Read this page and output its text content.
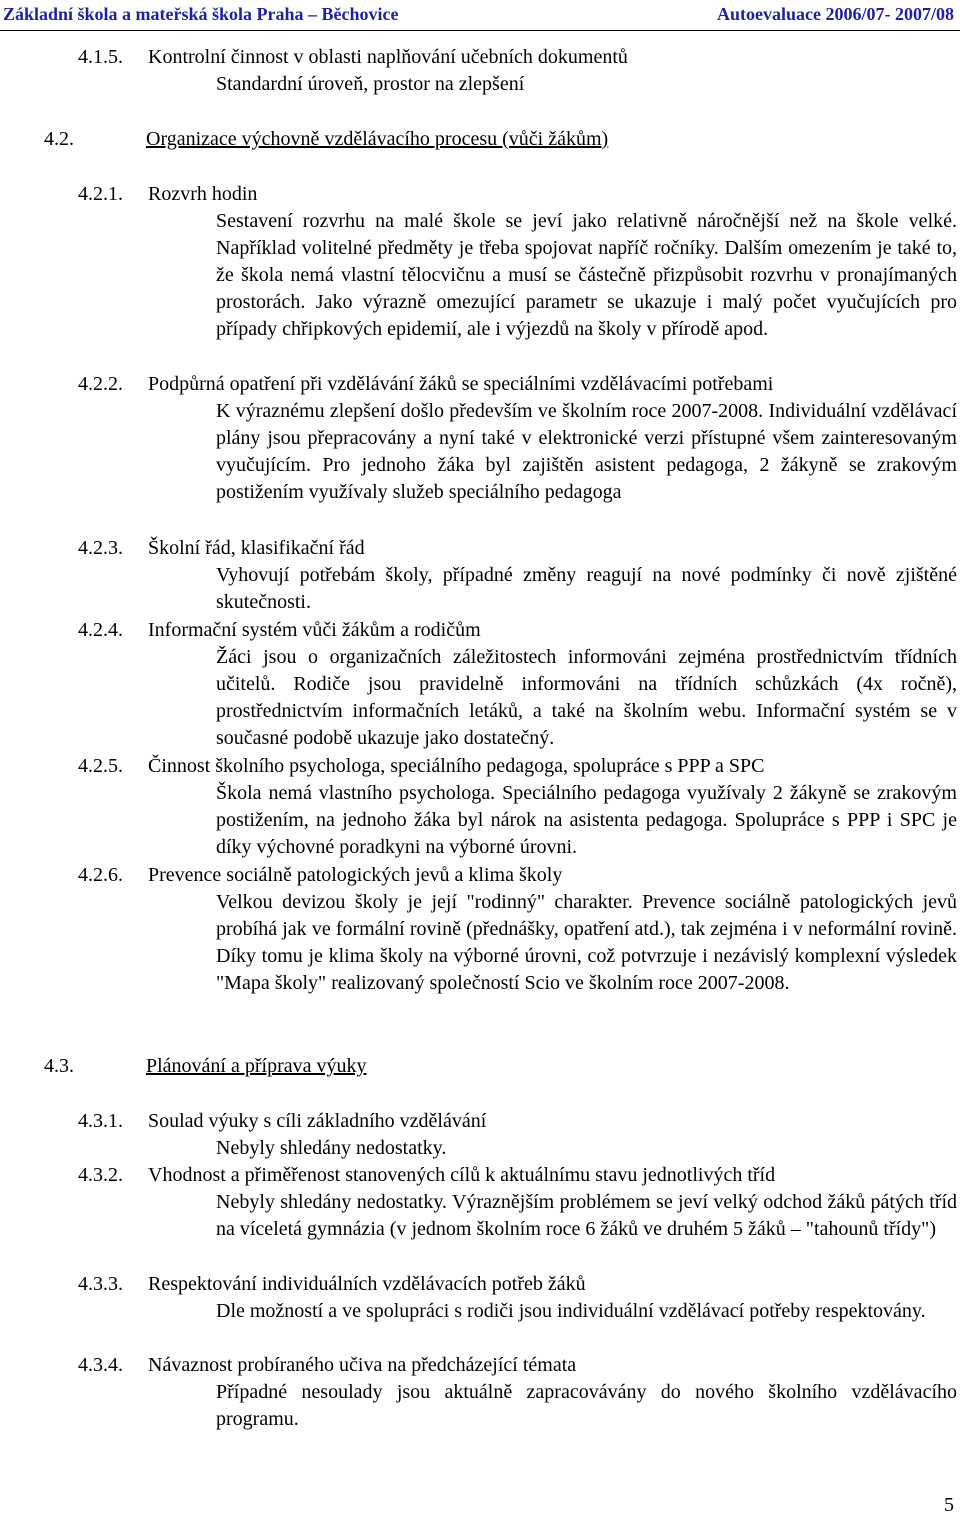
Základní škola a mateřská škola Praha – Běchovice	Autoevaluace 2006/07- 2007/08
4.1.5. Kontrolní činnost v oblasti naplňování učebních dokumentů
Standardní úroveň, prostor na zlepšení
4.2.	Organizace výchovně vzdělávacího procesu (vůči žákům)
4.2.1. Rozvrh hodin
Sestavení rozvrhu na malé škole se jeví jako relativně náročnější než na škole velké. Například volitelné předměty je třeba spojovat napříč ročníky. Dalším omezením je také to, že škola nemá vlastní tělocvičnu a musí se částečně přizpůsobit rozvrhu v pronajímaných prostorách. Jako výrazně omezující parametr se ukazuje i malý počet vyučujících pro případy chřipkových epidemií, ale i výjezdů na školy v přírodě apod.
4.2.2. Podpůrná opatření při vzdělávání žáků se speciálními vzdělávacími potřebami
K výraznému zlepšení došlo především ve školním roce 2007-2008. Individuální vzdělávací plány jsou přepracovány a nyní také v elektronické verzi přístupné všem zainteresovaným vyučujícím. Pro jednoho žáka byl zajištěn asistent pedagoga, 2 žákyně se zrakovým postižením využívaly služeb speciálního pedagoga
4.2.3. Školní řád, klasifikační řád
Vyhovují potřebám školy, případné změny reagují na nové podmínky či nově zjištěné skutečnosti.
4.2.4. Informační systém vůči žákům a rodičům
Žáci jsou o organizačních záležitostech informováni zejména prostřednictvím třídních učitelů. Rodiče jsou pravidelně informováni na třídních schůzkách (4x ročně), prostřednictvím informačních letáků, a také na školním webu. Informační systém se v současné podobě ukazuje jako dostatečný.
4.2.5. Činnost školního psychologa, speciálního pedagoga, spolupráce s PPP a SPC
Škola nemá vlastního psychologa. Speciálního pedagoga využívaly 2 žákyně se zrakovým postižením, na jednoho žáka byl nárok na asistenta pedagoga. Spolupráce s PPP i SPC je díky výchovné poradkyni na výborné úrovni.
4.2.6. Prevence sociálně patologických jevů a klima školy
Velkou devizou školy je její "rodinný" charakter. Prevence sociálně patologických jevů probíhá jak ve formální rovině (přednášky, opatření atd.), tak zejména i v neformální rovině. Díky tomu je klima školy na výborné úrovni, což potvrzuje i nezávislý komplexní výsledek "Mapa školy" realizovaný společností Scio ve školním roce 2007-2008.
4.3.	Plánování a příprava výuky
4.3.1. Soulad výuky s cíli základního vzdělávání
Nebyly shledány nedostatky.
4.3.2. Vhodnost a přiměřenost stanovených cílů k aktuálnímu stavu jednotlivých tříd
Nebyly shledány nedostatky. Výraznějším problémem se jeví velký odchod žáků pátých tříd na víceletá gymnázia (v jednom školním roce 6 žáků ve druhém 5 žáků – "tahounů třídy")
4.3.3. Respektování individuálních vzdělávacích potřeb žáků
Dle možností a ve spolupráci s rodiči jsou individuální vzdělávací potřeby respektovány.
4.3.4. Návaznost probíraného učiva na předcházející témata
Případné nesoulady jsou aktuálně zapracovávány do nového školního vzdělávacího programu.
5
